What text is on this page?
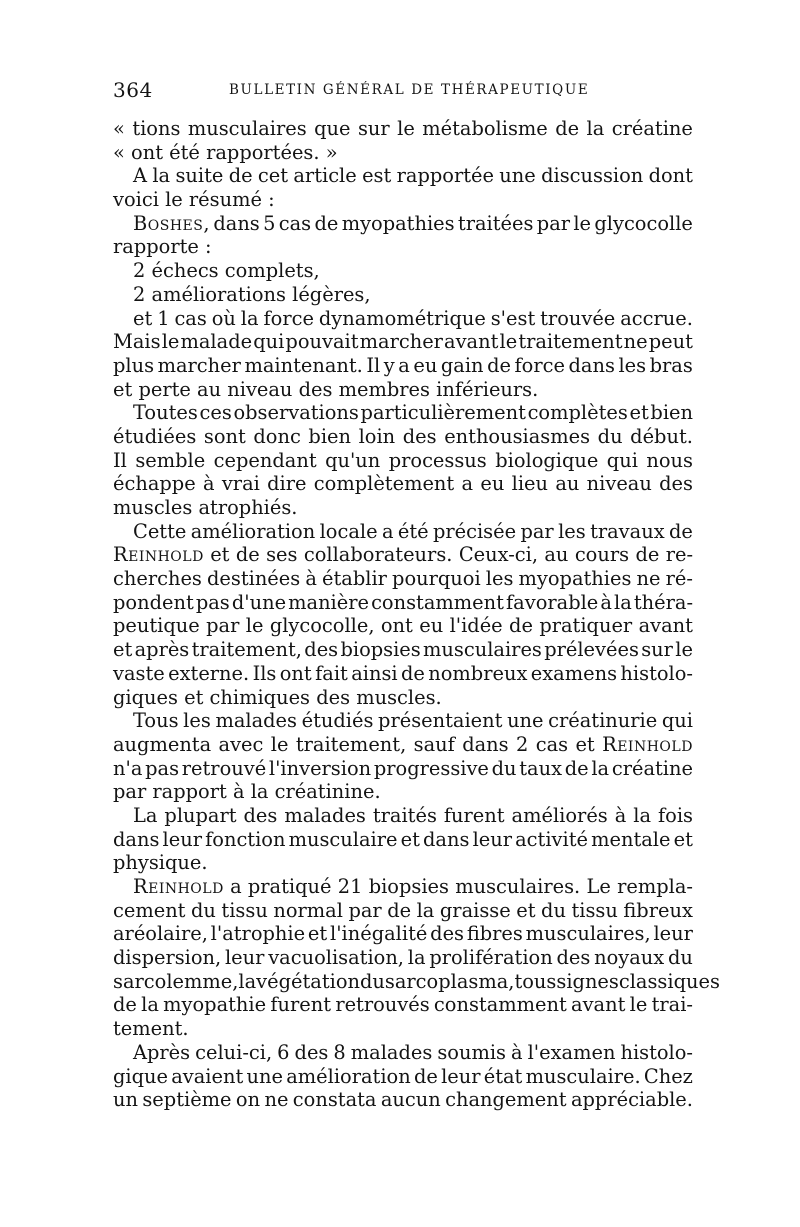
364	BULLETIN GÉNÉRAL DE THÉRAPEUTIQUE
« tions musculaires que sur le métabolisme de la créatine
« ont été rapportées. »
A la suite de cet article est rapportée une discussion dont
voici le résumé :
Boshes, dans 5 cas de myopathies traitées par le glycocolle
rapporte :
2 échecs complets,
2 améliorations légères,
et 1 cas où la force dynamométrique s'est trouvée accrue.
Mais le malade qui pouvait marcher avant le traitement ne peut
plus marcher maintenant. Il y a eu gain de force dans les bras
et perte au niveau des membres inférieurs.
Toutes ces observations particulièrement complètes et bien
étudiées sont donc bien loin des enthousiasmes du début.
Il semble cependant qu'un processus biologique qui nous
échappe à vrai dire complètement a eu lieu au niveau des
muscles atrophiés.
Cette amélioration locale a été précisée par les travaux de
Reinhold et de ses collaborateurs. Ceux-ci, au cours de re-
cherches destinées à établir pourquoi les myopathies ne ré-
pondent pas d'une manière constamment favorable à la théra-
peutique par le glycocolle, ont eu l'idée de pratiquer avant
et après traitement, des biopsies musculaires prélevées sur le
vaste externe. Ils ont fait ainsi de nombreux examens histolo-
giques et chimiques des muscles.
Tous les malades étudiés présentaient une créatinurie qui
augmenta avec le traitement, sauf dans 2 cas et Reinhold
n'a pas retrouvé l'inversion progressive du taux de la créatine
par rapport à la créatinine.
La plupart des malades traités furent améliorés à la fois
dans leur fonction musculaire et dans leur activité mentale et
physique.
Reinhold a pratiqué 21 biopsies musculaires. Le rempla-
cement du tissu normal par de la graisse et du tissu fibreux
aréolaire, l'atrophie et l'inégalité des fibres musculaires, leur
dispersion, leur vacuolisation, la prolifération des noyaux du
sarcolemme, la végétation du sarcoplasma, tous signes classiques
de la myopathie furent retrouvés constamment avant le trai-
tement.
Après celui-ci, 6 des 8 malades soumis à l'examen histolo-
gique avaient une amélioration de leur état musculaire. Chez
un septième on ne constata aucun changement appréciable.
